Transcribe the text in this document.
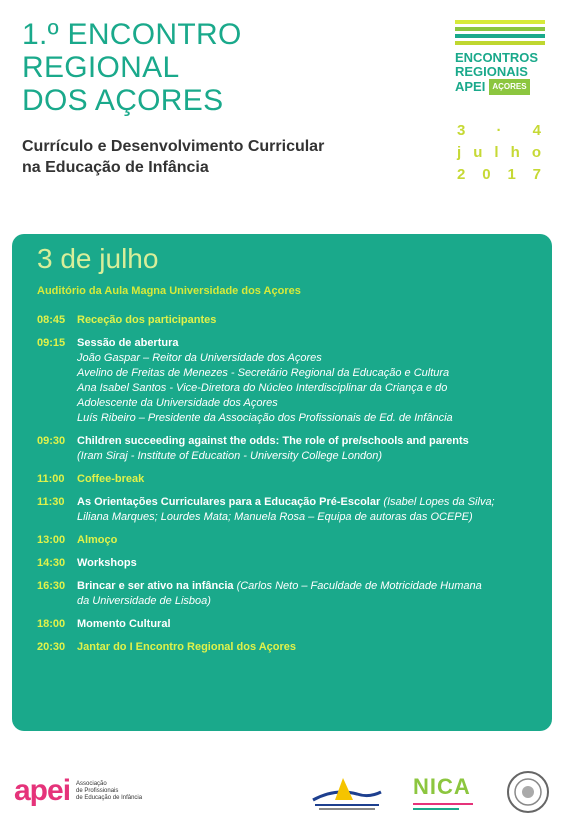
1.º ENCONTRO
REGIONAL
DOS AÇORES
Currículo e Desenvolvimento Curricular
na Educação de Infância
ENCONTROS
REGIONAIS
APEI AÇORES
3 · 4
j u l h o
2 0 1 7
3 de julho
Auditório da Aula Magna Universidade dos Açores
08:45	Receção dos participantes
09:15	Sessão de abertura
João Gaspar – Reitor da Universidade dos Açores
Avelino de Freitas de Menezes - Secretário Regional da Educação e Cultura
Ana Isabel Santos - Vice-Diretora do Núcleo Interdisciplinar da Criança e do
Adolescente da Universidade dos Açores
Luís Ribeiro – Presidente da Associação dos Profissionais de Ed. de Infância
09:30	Children succeeding against the odds: The role of pre/schools and parents
(Iram Siraj - Institute of Education - University College London)
11:00	Coffee-break
11:30	As Orientações Curriculares para a Educação Pré-Escolar (Isabel Lopes da Silva;
Liliana Marques; Lourdes Mata; Manuela Rosa – Equipa de autoras das OCEPE)
13:00	Almoço
14:30	Workshops
16:30	Brincar e ser ativo na infância (Carlos Neto – Faculdade de Motricidade Humana
da Universidade de Lisboa)
18:00	Momento Cultural
20:30	Jantar do I Encontro Regional dos Açores
apei Associação
de Profissionais
de Educação de Infância	NICA
